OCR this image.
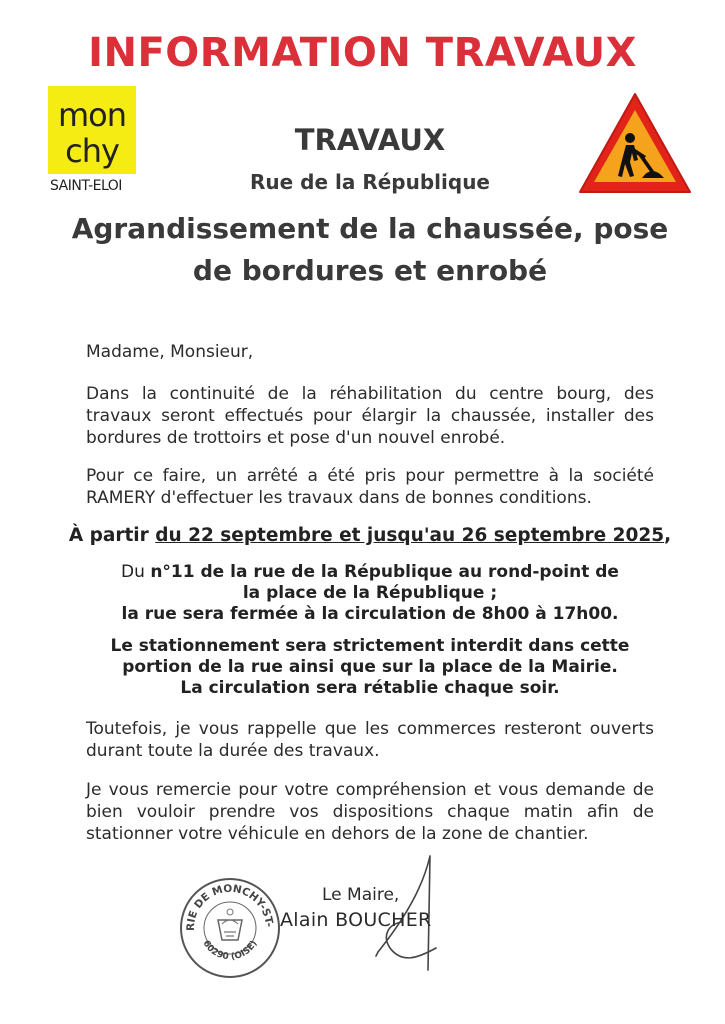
INFORMATION TRAVAUX
mon
chy
SAINT-ELOI
TRAVAUX
Rue de la République
Agrandissement de la chaussée, pose de bordures et enrobé
Madame, Monsieur,
Dans la continuité de la réhabilitation du centre bourg, des travaux seront effectués pour élargir la chaussée, installer des bordures de trottoirs et pose d'un nouvel enrobé.
Pour ce faire, un arrêté a été pris pour permettre à la société RAMERY d'effectuer les travaux dans de bonnes conditions.
À partir du 22 septembre et jusqu'au 26 septembre 2025,
Du n°11 de la rue de la République au rond-point de la place de la République ;
la rue sera fermée à la circulation de 8h00 à 17h00.
Le stationnement sera strictement interdit dans cette
portion de la rue ainsi que sur la place de la Mairie.
La circulation sera rétablie chaque soir.
Toutefois, je vous rappelle que les commerces resteront ouverts durant toute la durée des travaux.
Je vous remercie pour votre compréhension et vous demande de bien vouloir prendre vos dispositions chaque matin afin de stationner votre véhicule en dehors de la zone de chantier.
RIE DE MONCHY-ST-
60290 (OISE)
Le Maire,
Alain BOUCHER
